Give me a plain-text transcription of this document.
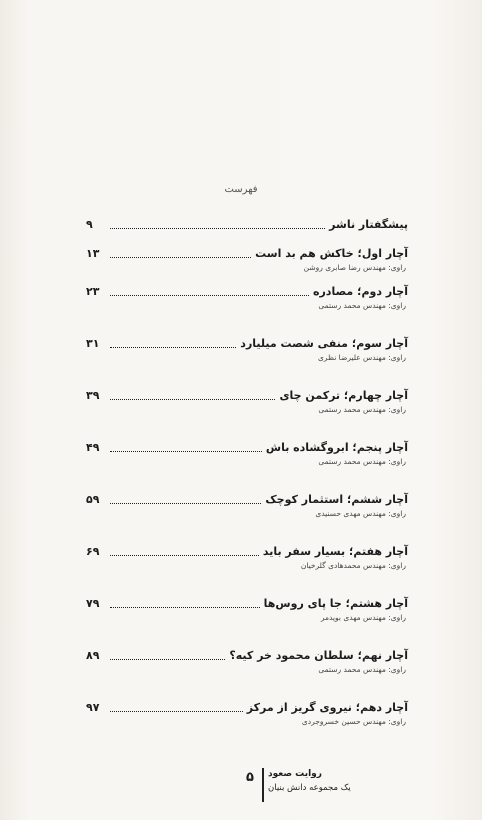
فهرست
پیشگفتار ناشر
۹
آچار اول؛ خاکش هم بد است
۱۳
راوی: مهندس رضا صابری روشن
آچار دوم؛ مصادره
۲۳
راوی: مهندس محمد رستمی
آچار سوم؛ منفی شصت میلیارد
۳۱
راوی: مهندس علیرضا نظری
آچار چهارم؛ ترکمن چای
۳۹
راوی: مهندس محمد رستمی
آچار پنجم؛ ابروگشاده باش
۴۹
راوی: مهندس محمد رستمی
آچار ششم؛ استثمار کوچک
۵۹
راوی: مهندس مهدی حسنیدی
آچار هفتم؛ بسیار سفر باید
۶۹
راوی: مهندس محمدهادی گلرخیان
آچار هشتم؛ جا پای روس‌ها
۷۹
راوی: مهندس مهدی بویدمر
آچار نهم؛ سلطان محمود خر کیه؟
۸۹
راوی: مهندس محمد رستمی
آچار دهم؛ نیروی گریز از مرکز
۹۷
راوی: مهندس حسین خسروجردی
۵ روایت صعود
یک مجموعه دانش بنیان
